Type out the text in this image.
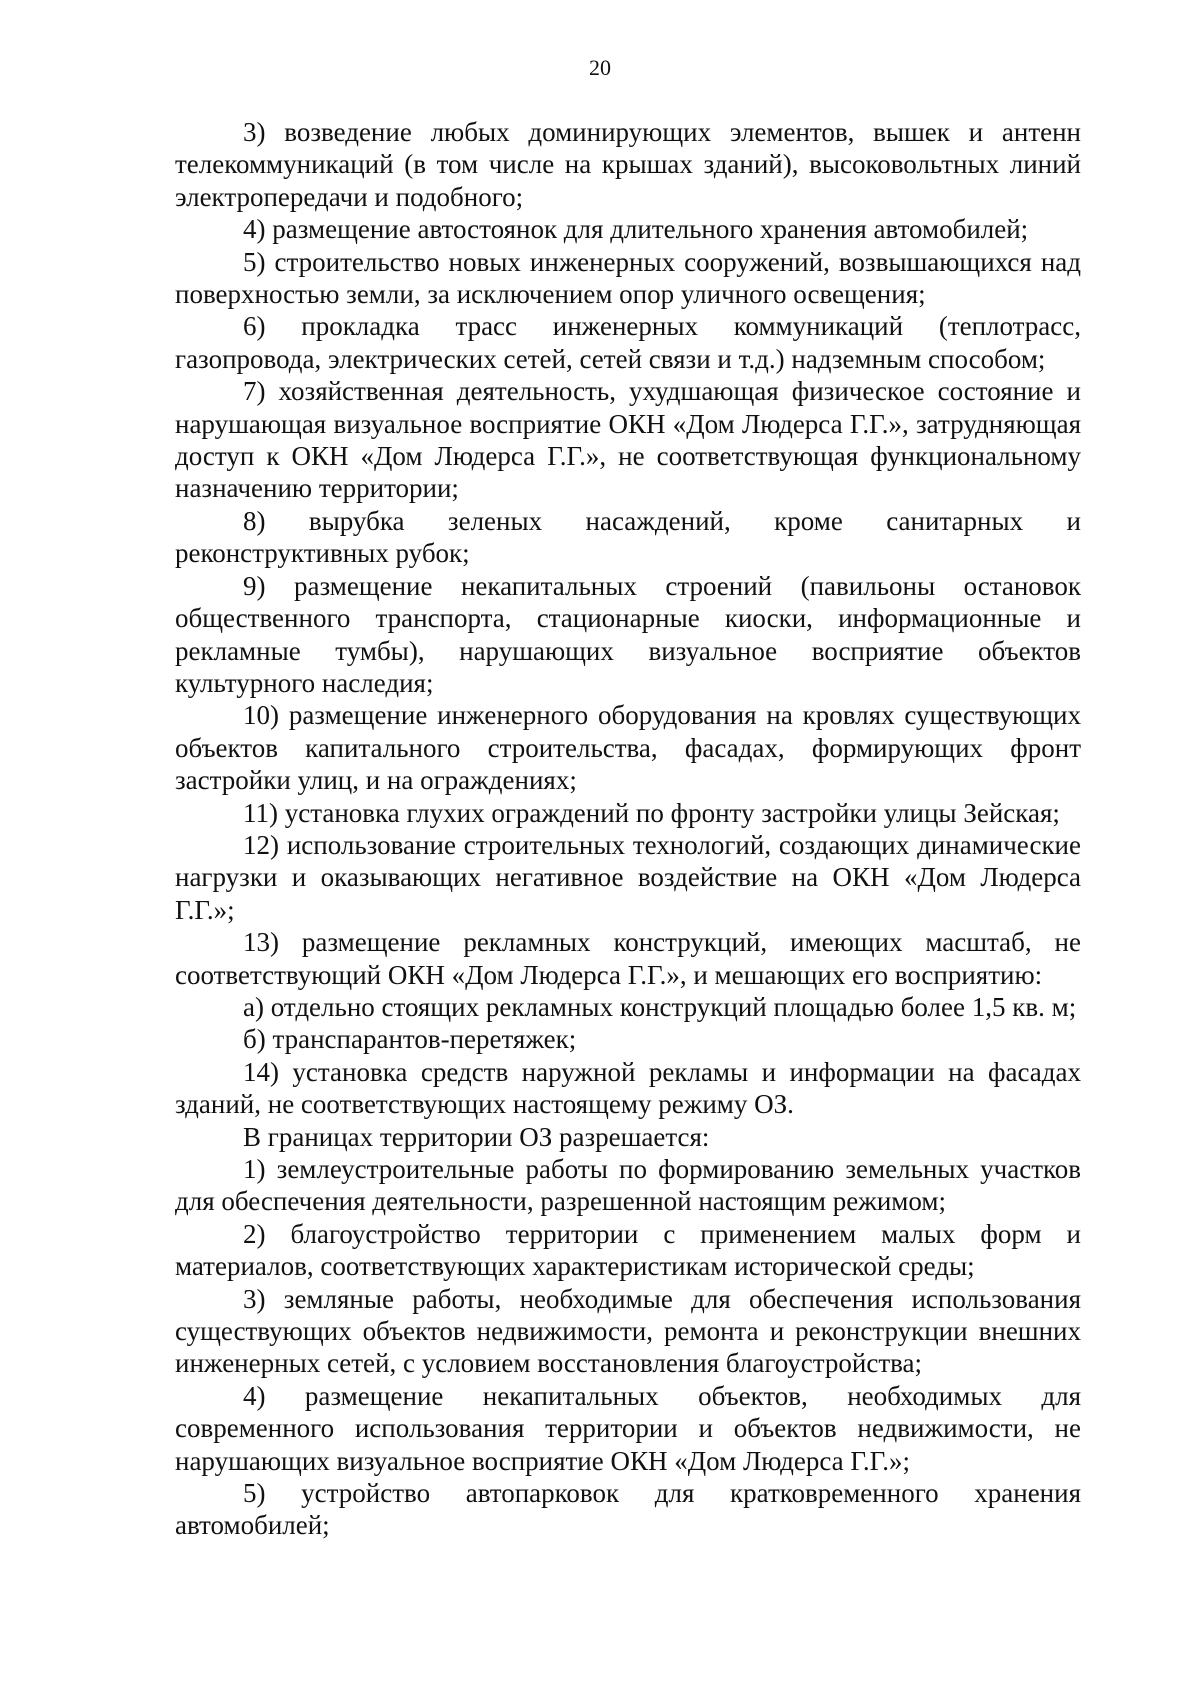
20

3) возведение любых доминирующих элементов, вышек и антенн телекоммуникаций (в том числе на крышах зданий), высоковольтных линий электропередачи и подобного;

4) размещение автостоянок для длительного хранения автомобилей;

5) строительство новых инженерных сооружений, возвышающихся над поверхностью земли, за исключением опор уличного освещения;

6) прокладка трасс инженерных коммуникаций (теплотрасс, газопровода, электрических сетей, сетей связи и т.д.) надземным способом;

7) хозяйственная деятельность, ухудшающая физическое состояние и нарушающая визуальное восприятие ОКН «Дом Людерса Г.Г.», затрудняющая доступ к ОКН «Дом Людерса Г.Г.», не соответствующая функциональному назначению территории;

8) вырубка зеленых насаждений, кроме санитарных и реконструктивных рубок;

9) размещение некапитальных строений (павильоны остановок общественного транспорта, стационарные киоски, информационные и рекламные тумбы), нарушающих визуальное восприятие объектов культурного наследия;

10) размещение инженерного оборудования на кровлях существующих объектов капитального строительства, фасадах, формирующих фронт застройки улиц, и на ограждениях;

11) установка глухих ограждений по фронту застройки улицы Зейская;

12) использование строительных технологий, создающих динамические нагрузки и оказывающих негативное воздействие на ОКН «Дом Людерса Г.Г.»;

13) размещение рекламных конструкций, имеющих масштаб, не соответствующий ОКН «Дом Людерса Г.Г.», и мешающих его восприятию:

а) отдельно стоящих рекламных конструкций площадью более 1,5 кв. м;

б) транспарантов-перетяжек;

14) установка средств наружной рекламы и информации на фасадах зданий, не соответствующих настоящему режиму ОЗ.

В границах территории ОЗ разрешается:

1) землеустроительные работы по формированию земельных участков для обеспечения деятельности, разрешенной настоящим режимом;

2) благоустройство территории с применением малых форм и материалов, соответствующих характеристикам исторической среды;

3) земляные работы, необходимые для обеспечения использования существующих объектов недвижимости, ремонта и реконструкции внешних инженерных сетей, с условием восстановления благоустройства;

4) размещение некапитальных объектов, необходимых для современного использования территории и объектов недвижимости, не нарушающих визуальное восприятие ОКН «Дом Людерса Г.Г.»;

5) устройство автопарковок для кратковременного хранения автомобилей;
